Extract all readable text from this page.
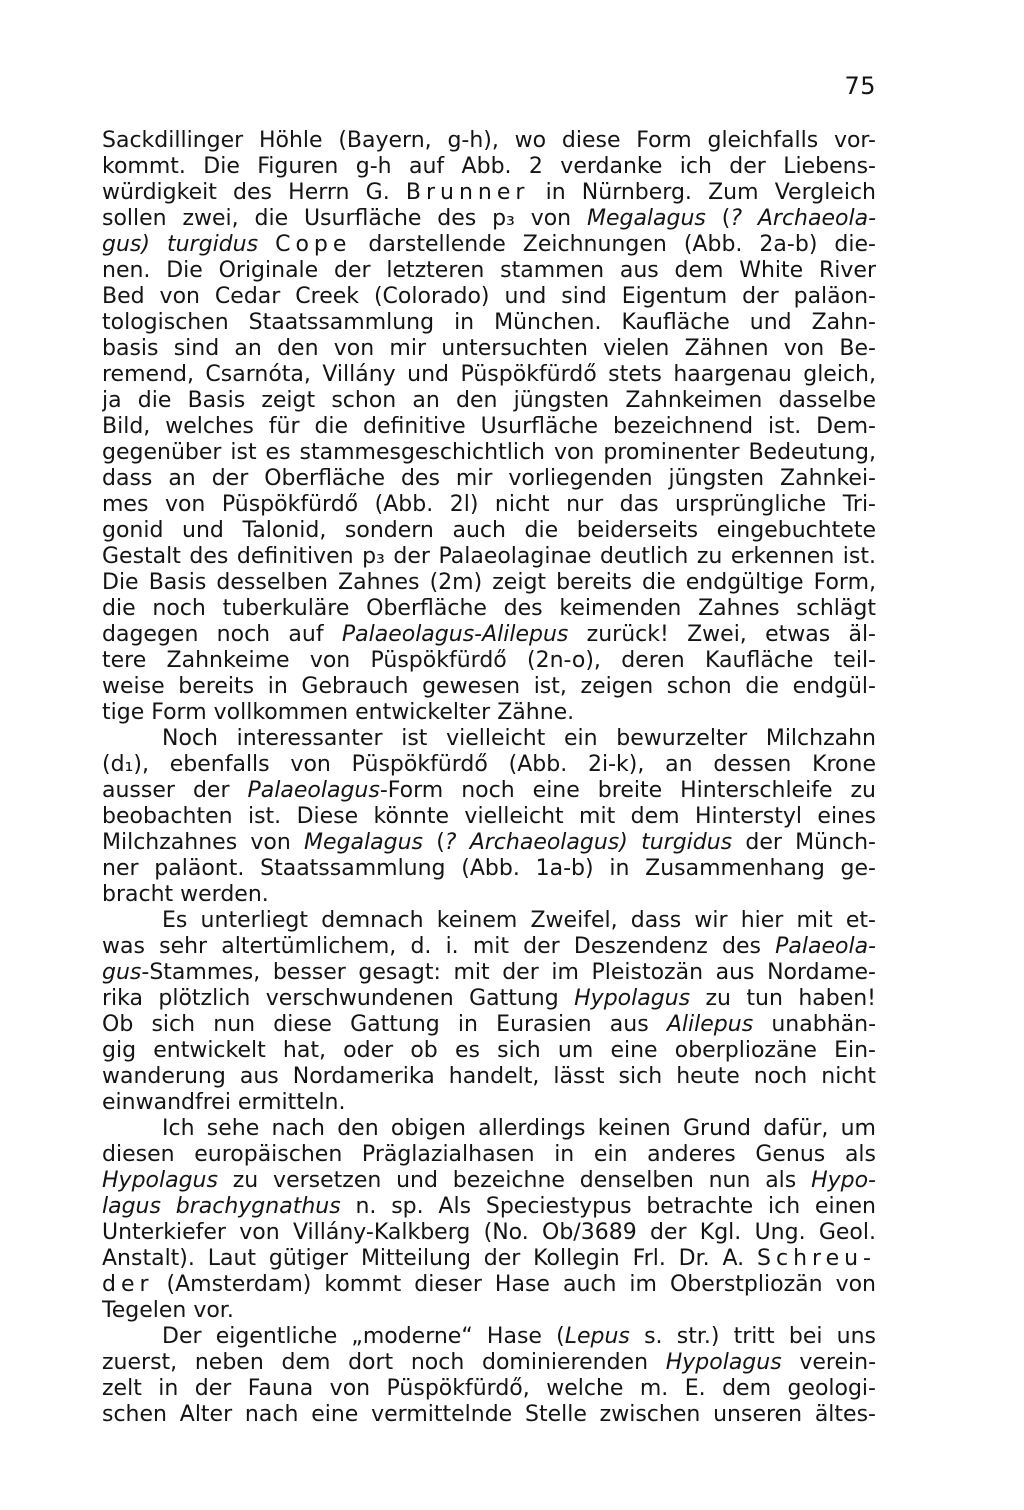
75
Sackdillinger Höhle (Bayern, g-h), wo diese Form gleichfalls vor-
kommt. Die Figuren g-h auf Abb. 2 verdanke ich der Liebens-
würdigkeit des Herrn G. Brunner in Nürnberg. Zum Vergleich
sollen zwei, die Usurfläche des p₃ von Megalagus (? Archaeola-
gus) turgidus Cope darstellende Zeichnungen (Abb. 2a-b) die-
nen. Die Originale der letzteren stammen aus dem White River
Bed von Cedar Creek (Colorado) und sind Eigentum der paläon-
tologischen Staatssammlung in München. Kaufläche und Zahn-
basis sind an den von mir untersuchten vielen Zähnen von Be-
remend, Csarnóta, Villány und Püspökfürdő stets haargenau gleich,
ja die Basis zeigt schon an den jüngsten Zahnkeimen dasselbe
Bild, welches für die definitive Usurfläche bezeichnend ist. Dem-
gegenüber ist es stammesgeschichtlich von prominenter Bedeutung,
dass an der Oberfläche des mir vorliegenden jüngsten Zahnkei-
mes von Püspökfürdő (Abb. 2l) nicht nur das ursprüngliche Tri-
gonid und Talonid, sondern auch die beiderseits eingebuchtete
Gestalt des definitiven p₃ der Palaeolaginae deutlich zu erkennen ist.
Die Basis desselben Zahnes (2m) zeigt bereits die endgültige Form,
die noch tuberkuläre Oberfläche des keimenden Zahnes schlägt
dagegen noch auf Palaeolagus-Alilepus zurück! Zwei, etwas äl-
tere Zahnkeime von Püspökfürdő (2n-o), deren Kaufläche teil-
weise bereits in Gebrauch gewesen ist, zeigen schon die endgül-
tige Form vollkommen entwickelter Zähne.
Noch interessanter ist vielleicht ein bewurzelter Milchzahn
(d₁), ebenfalls von Püspökfürdő (Abb. 2i-k), an dessen Krone
ausser der Palaeolagus-Form noch eine breite Hinterschleife zu
beobachten ist. Diese könnte vielleicht mit dem Hinterstyl eines
Milchzahnes von Megalagus (? Archaeolagus) turgidus der Münch-
ner paläont. Staatssammlung (Abb. 1a-b) in Zusammenhang ge-
bracht werden.
Es unterliegt demnach keinem Zweifel, dass wir hier mit et-
was sehr altertümlichem, d. i. mit der Deszendenz des Palaeola-
gus-Stammes, besser gesagt: mit der im Pleistozän aus Nordame-
rika plötzlich verschwundenen Gattung Hypolagus zu tun haben!
Ob sich nun diese Gattung in Eurasien aus Alilepus unabhän-
gig entwickelt hat, oder ob es sich um eine oberpliozäne Ein-
wanderung aus Nordamerika handelt, lässt sich heute noch nicht
einwandfrei ermitteln.
Ich sehe nach den obigen allerdings keinen Grund dafür, um
diesen europäischen Präglazialhasen in ein anderes Genus als
Hypolagus zu versetzen und bezeichne denselben nun als Hypo-
lagus brachygnathus n. sp. Als Speciestypus betrachte ich einen
Unterkiefer von Villány-Kalkberg (No. Ob/3689 der Kgl. Ung. Geol.
Anstalt). Laut gütiger Mitteilung der Kollegin Frl. Dr. A. Schreu-
der (Amsterdam) kommt dieser Hase auch im Oberstpliozän von
Tegelen vor.
Der eigentliche „moderne“ Hase (Lepus s. str.) tritt bei uns
zuerst, neben dem dort noch dominierenden Hypolagus verein-
zelt in der Fauna von Püspökfürdő, welche m. E. dem geologi-
schen Alter nach eine vermittelnde Stelle zwischen unseren ältes-
